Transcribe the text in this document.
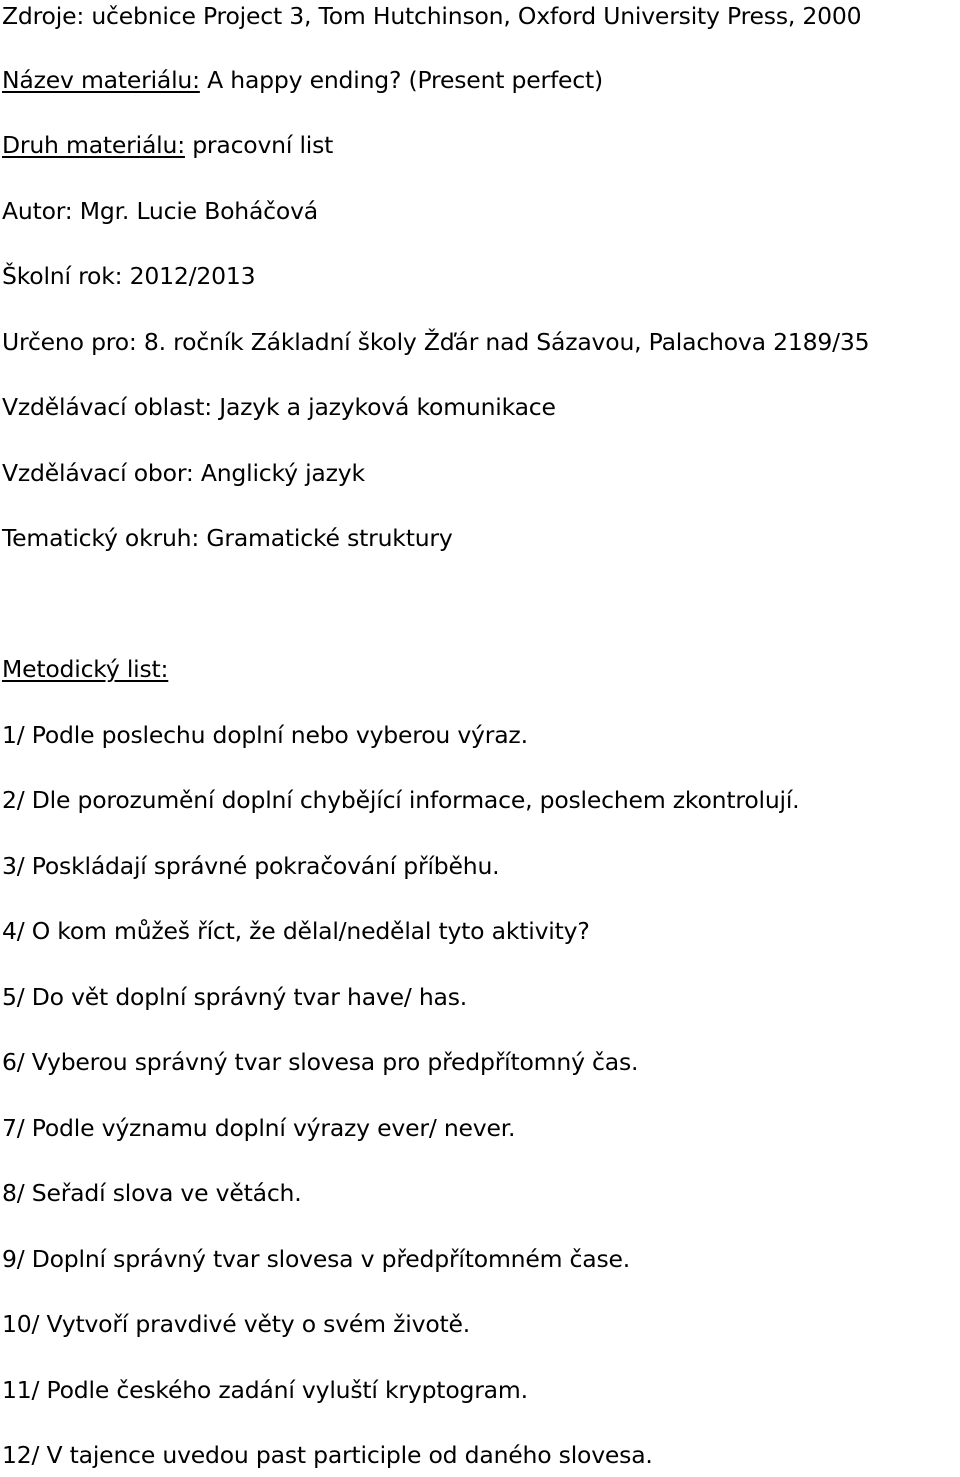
Zdroje: učebnice Project 3, Tom Hutchinson, Oxford University Press, 2000
Název materiálu: A happy ending? (Present perfect)
Druh materiálu: pracovní list
Autor: Mgr. Lucie Boháčová
Školní rok: 2012/2013
Určeno pro: 8. ročník Základní školy Žďár nad Sázavou, Palachova 2189/35
Vzdělávací oblast: Jazyk a jazyková komunikace
Vzdělávací obor: Anglický jazyk
Tematický okruh: Gramatické struktury
Metodický list:
1/ Podle poslechu doplní nebo vyberou výraz.
2/ Dle porozumění doplní chybějící informace, poslechem zkontrolují.
3/ Poskládají správné pokračování příběhu.
4/ O kom můžeš říct, že dělal/nedělal tyto aktivity?
5/ Do vět doplní správný tvar have/ has.
6/ Vyberou správný tvar slovesa pro předpřítomný čas.
7/ Podle významu doplní výrazy ever/ never.
8/ Seřadí slova ve větách.
9/ Doplní správný tvar slovesa v předpřítomném čase.
10/ Vytvoří pravdivé věty o svém životě.
11/ Podle českého zadání vyluští kryptogram.
12/ V tajence uvedou past participle od daného slovesa.
